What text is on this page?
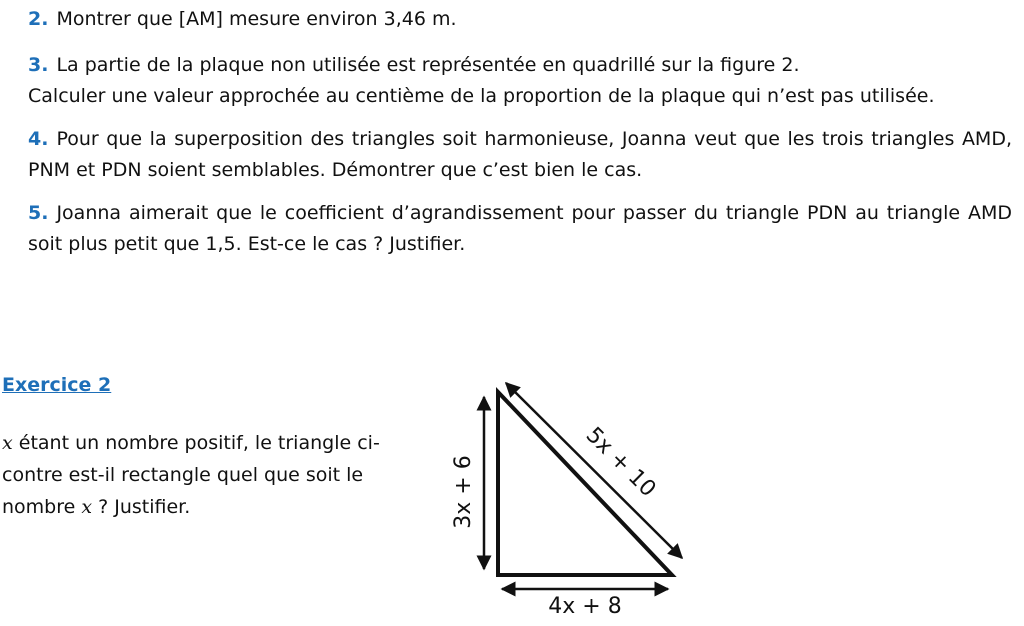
2. Montrer que [AM] mesure environ 3,46 m.

3. La partie de la plaque non utilisée est représentée en quadrillé sur la figure 2.
Calculer une valeur approchée au centième de la proportion de la plaque qui n’est pas utilisée.

4. Pour que la superposition des triangles soit harmonieuse, Joanna veut que les trois triangles AMD, PNM et PDN soient semblables. Démontrer que c’est bien le cas.

5. Joanna aimerait que le coefficient d’agrandissement pour passer du triangle PDN au triangle AMD soit plus petit que 1,5. Est-ce le cas ? Justifier.

Exercice 2

x étant un nombre positif, le triangle ci-contre est-il rectangle quel que soit le nombre x ? Justifier.	3x + 6
4x + 8
5x + 10
